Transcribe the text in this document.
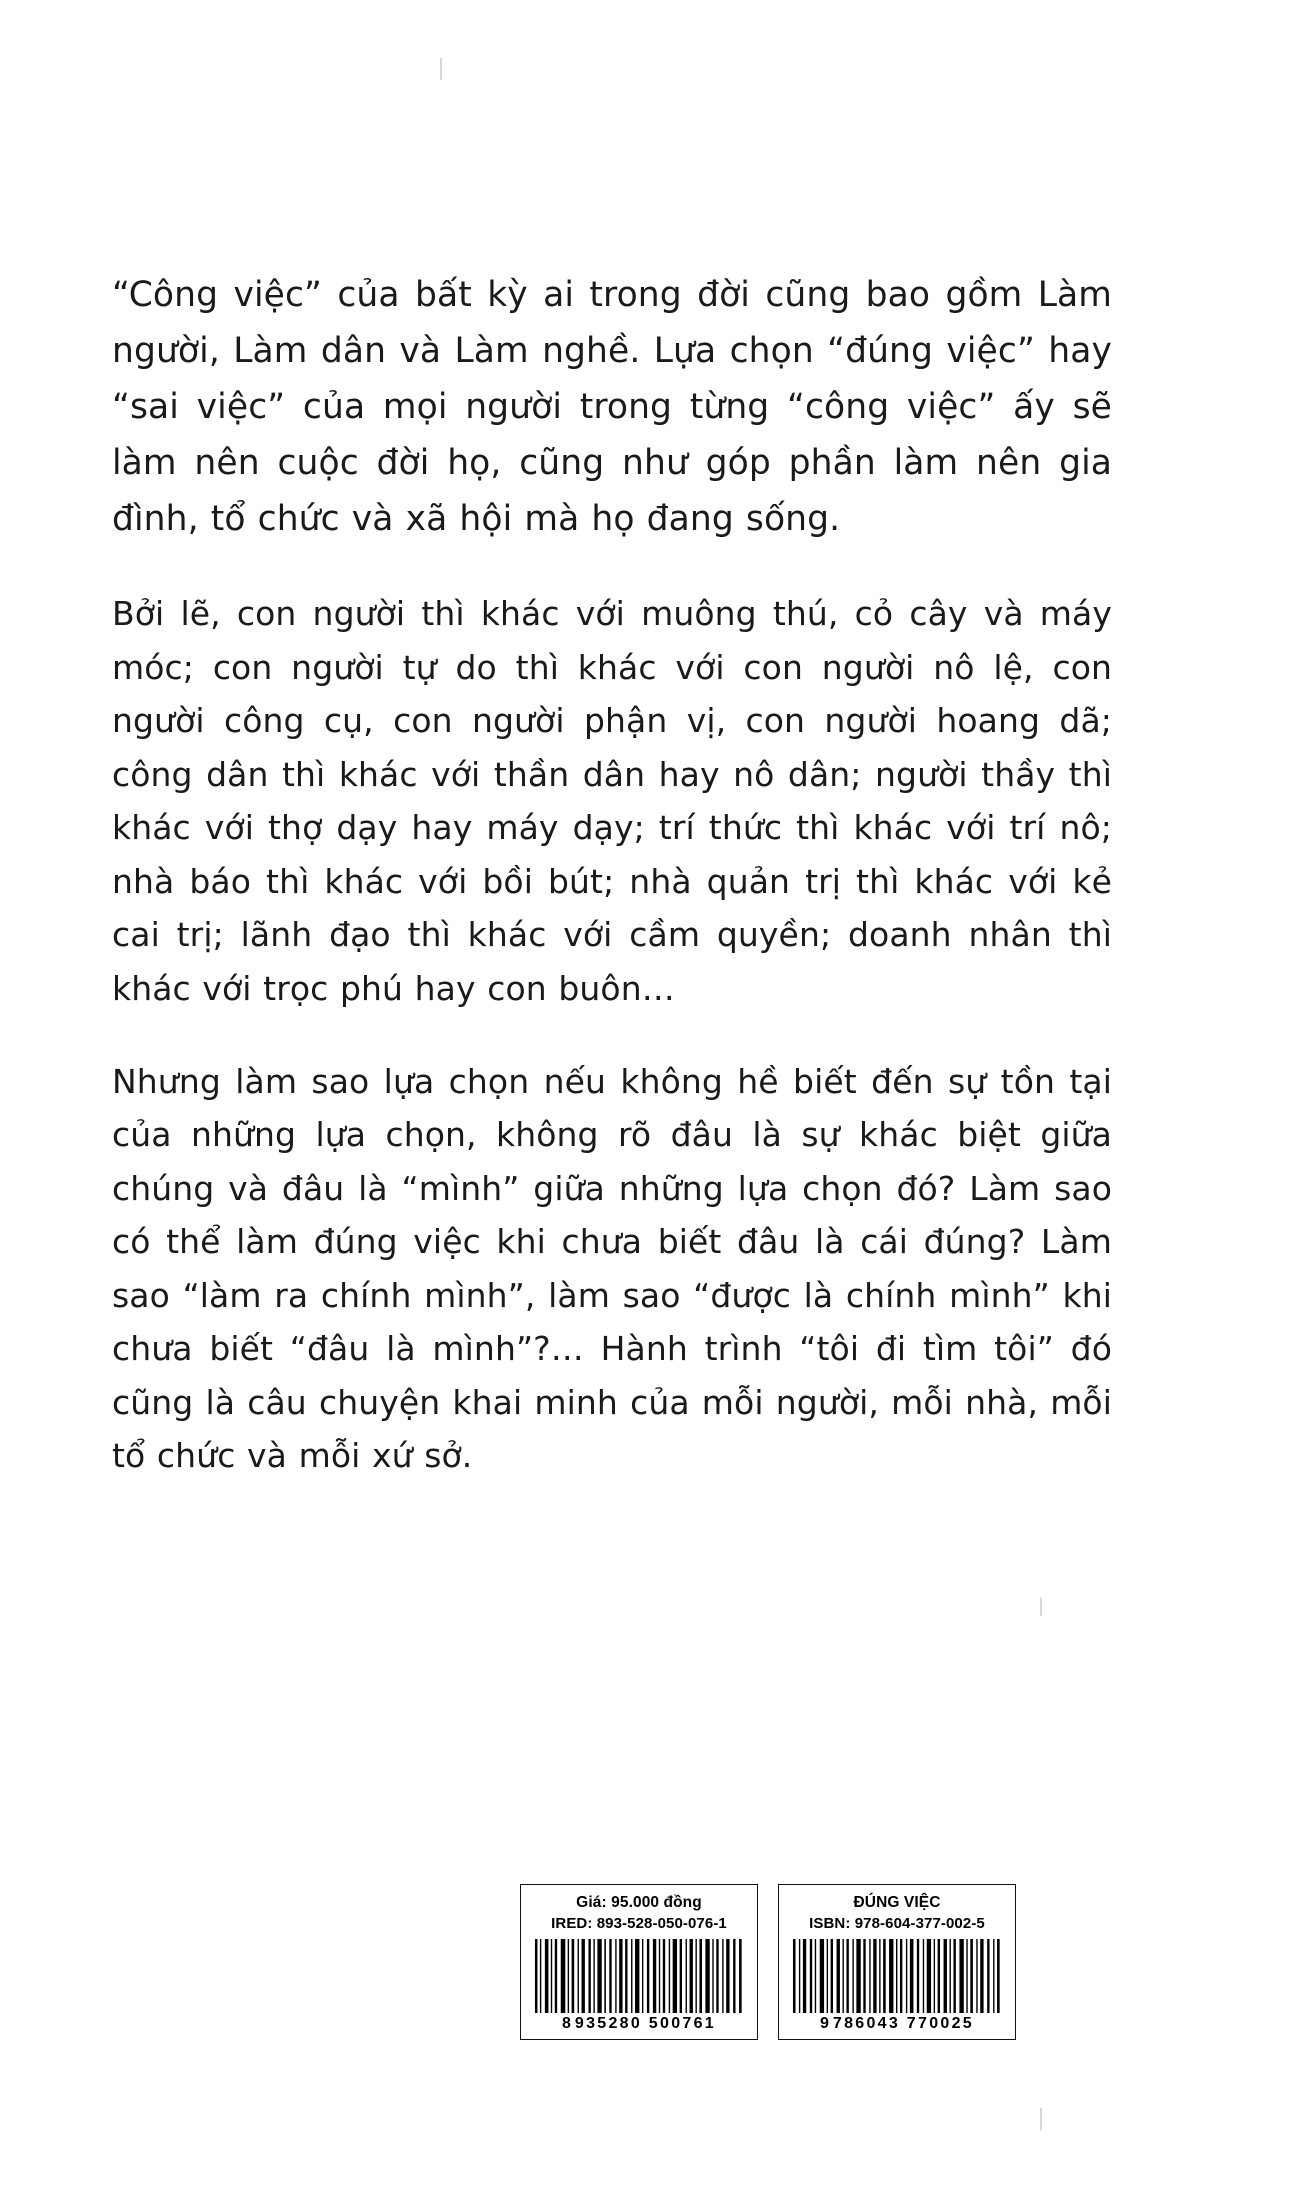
“Công việc” của bất kỳ ai trong đời cũng bao gồm Làm người, Làm dân và Làm nghề. Lựa chọn “đúng việc” hay “sai việc” của mọi người trong từng “công việc” ấy sẽ làm nên cuộc đời họ, cũng như góp phần làm nên gia đình, tổ chức và xã hội mà họ đang sống.

Bởi lẽ, con người thì khác với muông thú, cỏ cây và máy móc; con người tự do thì khác với con người nô lệ, con người công cụ, con người phận vị, con người hoang dã; công dân thì khác với thần dân hay nô dân; người thầy thì khác với thợ dạy hay máy dạy; trí thức thì khác với trí nô; nhà báo thì khác với bồi bút; nhà quản trị thì khác với kẻ cai trị; lãnh đạo thì khác với cầm quyền; doanh nhân thì khác với trọc phú hay con buôn…

Nhưng làm sao lựa chọn nếu không hề biết đến sự tồn tại của những lựa chọn, không rõ đâu là sự khác biệt giữa chúng và đâu là “mình” giữa những lựa chọn đó? Làm sao có thể làm đúng việc khi chưa biết đâu là cái đúng? Làm sao “làm ra chính mình”, làm sao “được là chính mình” khi chưa biết “đâu là mình”?… Hành trình “tôi đi tìm tôi” đó cũng là câu chuyện khai minh của mỗi người, mỗi nhà, mỗi tổ chức và mỗi xứ sở.

Giá: 95.000 đồng
IRED: 893-528-050-076-1
8 935280 500761
ĐÚNG VIỆC
ISBN: 978-604-377-002-5
9 786043 770025
